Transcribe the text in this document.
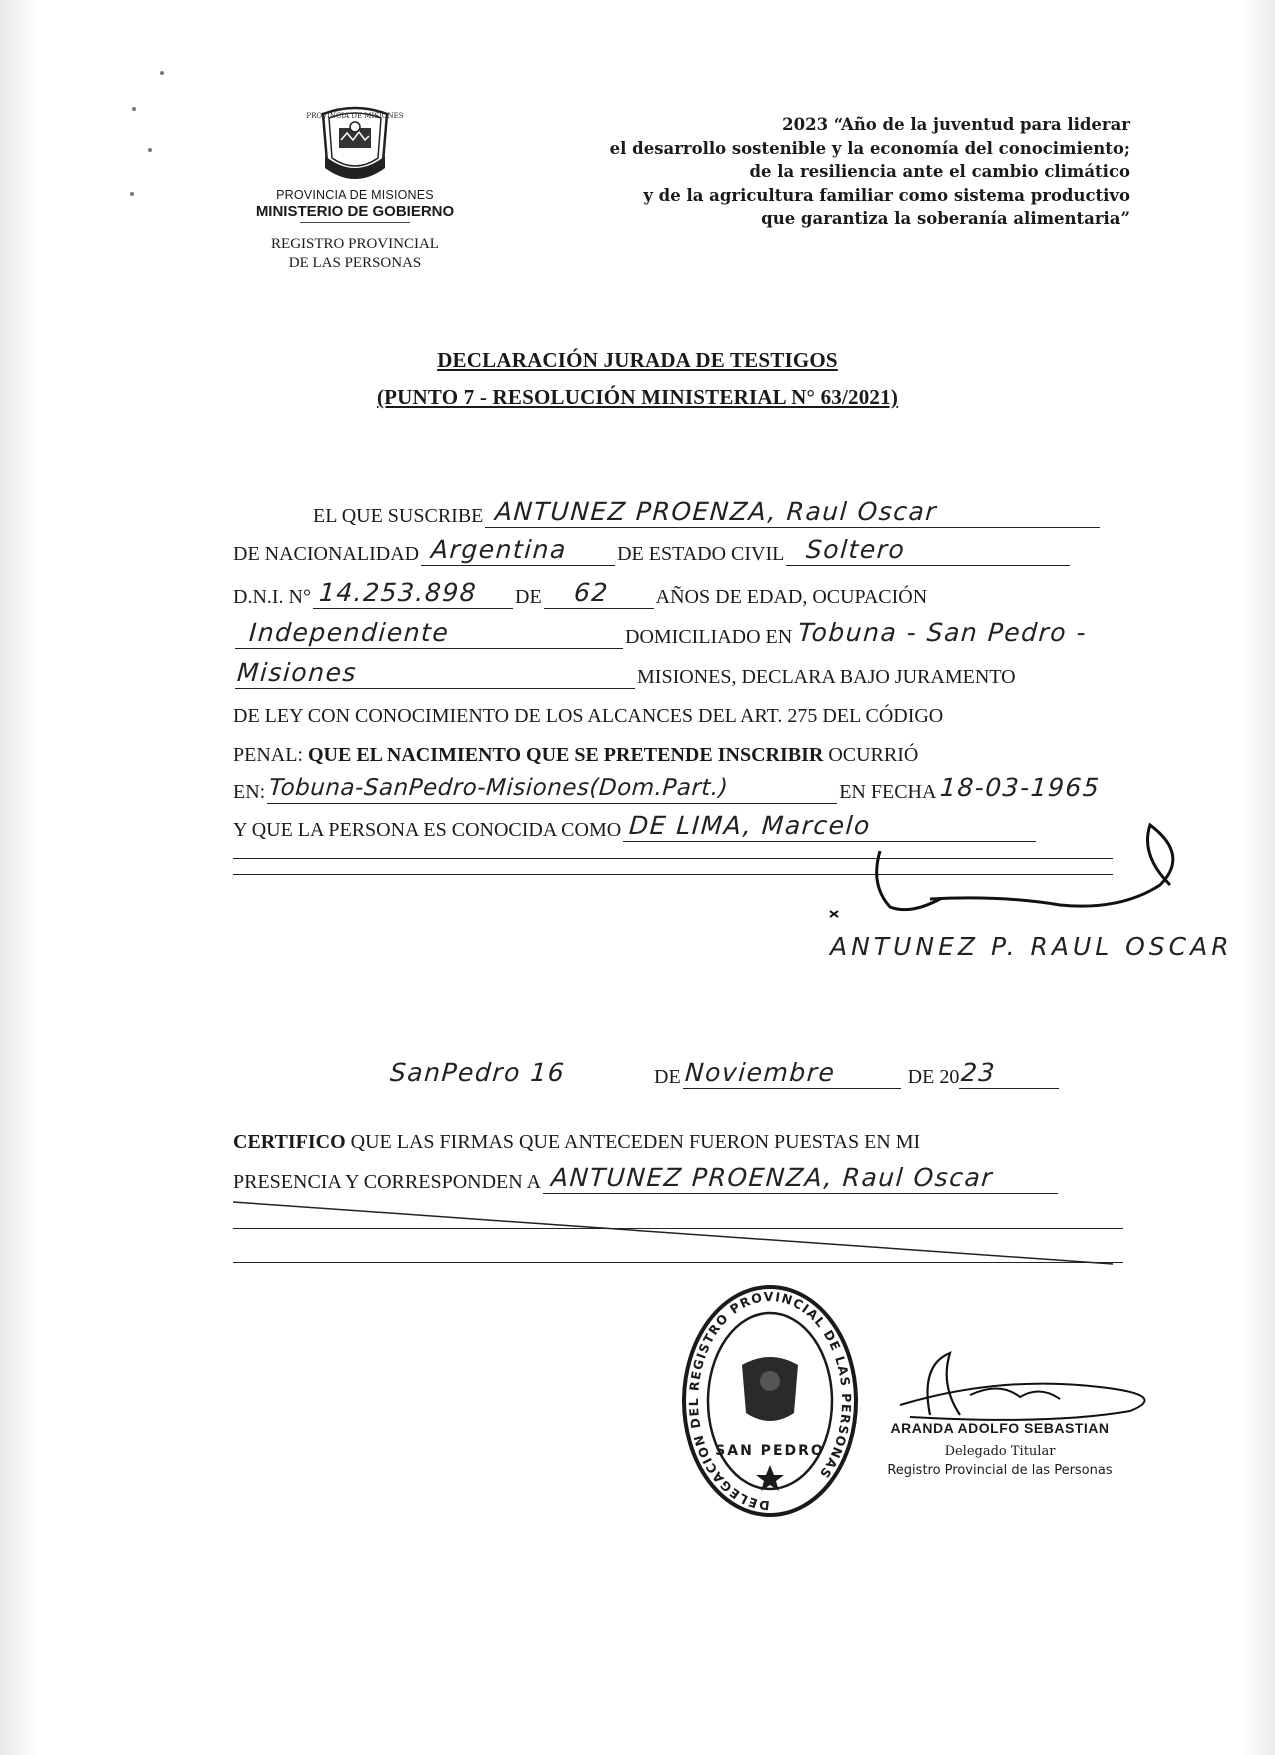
PROVINCIA DE MISIONES
PROVINCIA DE MISIONES
MINISTERIO DE GOBIERNO
REGISTRO PROVINCIAL
DE LAS PERSONAS
2023 “Año de la juventud para liderar
el desarrollo sostenible y la economía del conocimiento;
de la resiliencia ante el cambio climático
y de la agricultura familiar como sistema productivo
que garantiza la soberanía alimentaria”
DECLARACIÓN JURADA DE TESTIGOS
(PUNTO 7 - RESOLUCIÓN MINISTERIAL N° 63/2021)
EL QUE SUSCRIBE ANTUNEZ PROENZA, Raul Oscar
DE NACIONALIDAD Argentina DE ESTADO CIVIL Soltero
D.N.I. N° 14.253.898 DE 62 AÑOS DE EDAD, OCUPACIÓN
Independiente	DOMICILIADO EN Tobuna - San Pedro -
Misiones	MISIONES, DECLARA BAJO JURAMENTO
DE LEY CON CONOCIMIENTO DE LOS ALCANCES DEL ART. 275 DEL CÓDIGO
PENAL:
QUE EL NACIMIENTO QUE SE PRETENDE INSCRIBIR
OCURRIÓ
EN: Tobuna-SanPedro-Misiones(Dom.Part.)	EN FECHA 18-03-1965
Y QUE LA PERSONA ES CONOCIDA COMO DE LIMA, Marcelo
ANTUNEZ P. RAUL OSCAR
SanPedro 16	DE Noviembre
	DE 20 23
CERTIFICO
QUE LAS FIRMAS QUE ANTECEDEN FUERON PUESTAS EN MI
PRESENCIA Y CORRESPONDEN A ANTUNEZ PROENZA, Raul Oscar
DELEGACION DEL REGISTRO PROVINCIAL DE LAS PERSONAS
SAN PEDRO
ARANDA ADOLFO SEBASTIAN
Delegado Titular
Registro Provincial de las Personas
